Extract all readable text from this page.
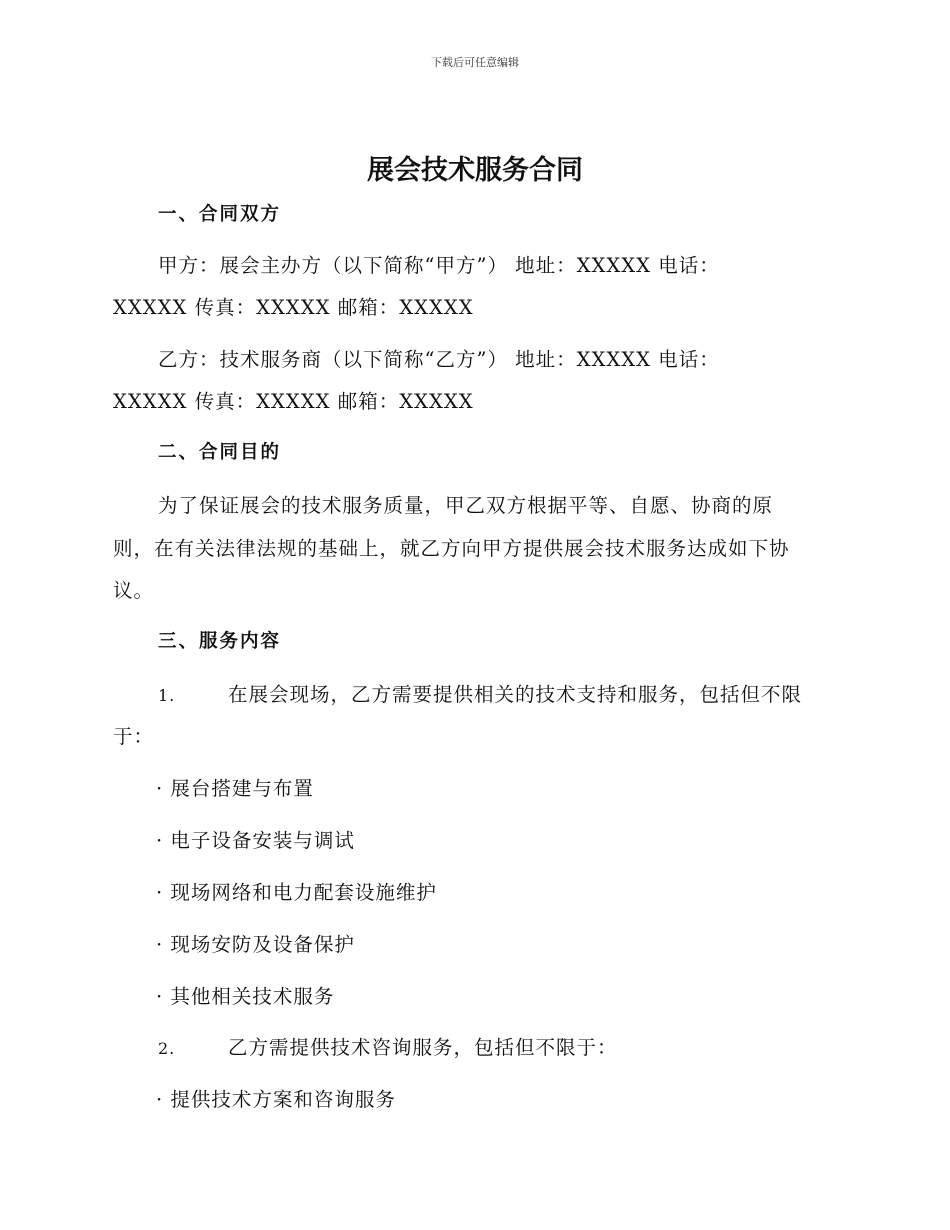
下载后可任意编辑
展会技术服务合同
一、合同双方
甲方：展会主办方（以下简称“甲方”） 地址：XXXXX 电话：
XXXXX 传真：XXXXX 邮箱：XXXXX
乙方：技术服务商（以下简称“乙方”） 地址：XXXXX 电话：
XXXXX 传真：XXXXX 邮箱：XXXXX
二、合同目的
为了保证展会的技术服务质量，甲乙双方根据平等、自愿、协商的原
则，在有关法律法规的基础上，就乙方向甲方提供展会技术服务达成如下协
议。
三、服务内容
1.	在展会现场，乙方需要提供相关的技术支持和服务，包括但不限
于：
· 展台搭建与布置
· 电子设备安装与调试
· 现场网络和电力配套设施维护
· 现场安防及设备保护
· 其他相关技术服务
2.	乙方需提供技术咨询服务，包括但不限于：
· 提供技术方案和咨询服务
